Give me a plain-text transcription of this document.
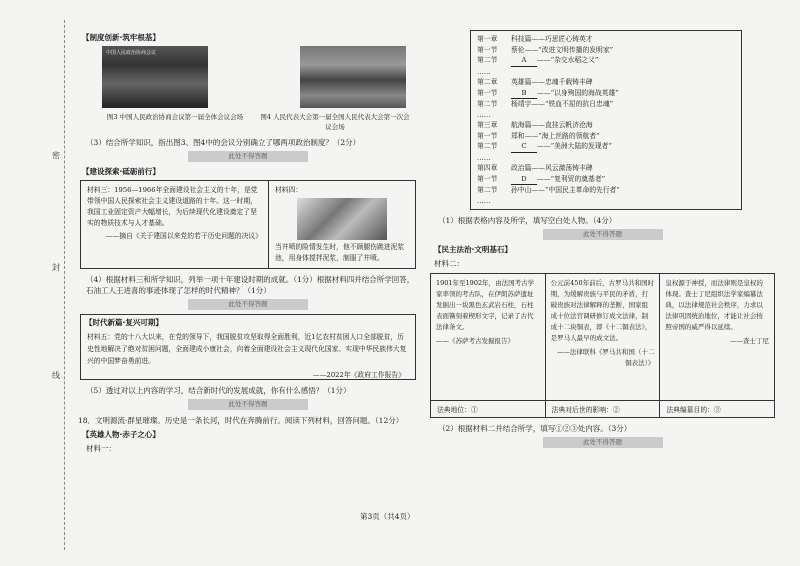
密
封
线
【制度创新·筑牢根基】
中国人民政治协商会议
图3 中国人民政治协商会议第一届全体会议会场	图4 人民代表大会第一届全国人民代表大会第一次会议会场
（3）结合所学知识，指出图3、图4中的会议分别确立了哪两项政治制度？（2分）
此处不得答题
【建设探索·砥砺前行】
材料三：1956—1966年全面建设社会主义的十年，是党带领中国人民探索社会主义建设道路的十年。这一时期，我国工业固定资产大幅增长，为后续现代化建设奠定了坚实的物质技术与人才基础。
——摘自《关于建国以来党的若干历史问题的决议》
材料四：
当井喷的险情发生时，他不顾腿伤跳进泥浆池，用身体搅拌泥浆，制服了井喷。
（4）根据材料三和所学知识，列举一项十年建设时期的成就。（1分）根据材料四并结合所学回答，石油工人王进喜的事迹体现了怎样的时代精神？（1分）
此处不得答题
【时代新篇·复兴可期】
材料五：党的十八大以来，在党的领导下，我国脱贫攻坚取得全面胜利，近1亿农村贫困人口全部脱贫，历史性地解决了绝对贫困问题，全面建成小康社会，向着全面建设社会主义现代化国家、实现中华民族伟大复兴的中国梦奋勇前进。
——2022年《政府工作报告》
（5）透过对以上内容的学习，结合新时代的发展成就，你有什么感悟？（1分）
此处不得答题
18．文明源流·群星璀璨。历史是一条长河，时代在奔腾前行。阅读下列材料，回答问题。（12分）
【英雄人物·赤子之心】
材料一：
第一章 科技篇——巧思匠心铸英才
第一节 蔡伦——“改进文明传播的发明家”
第二节	A ——“杂交水稻之父”
……
第二章 英雄篇——忠魂千载铸丰碑
第一节	B ——“以身殉国的海战英雄”
第二节 杨靖宇——“铁血不屈的抗日忠魂”
……
第三章 航海篇——直挂云帆济沧海
第一节 郑和——“海上丝路的领航者”
第二节	C ——“美洲大陆的发现者”
……
第四章 政治篇——风云激荡铸丰碑
第一节	D ——“复利贸的奠基者”
第二节 孙中山——“中国民主革命的先行者”
……
（1）根据表格内容及所学，填写空白处人物。（4分）
此处不得答题
【民主法治·文明基石】
材料二：
1901年至1902年，由法国考古学家率领的考古队，在伊朗苏萨遗址发掘出一块黑色玄武岩石柱，石柱表面镌刻着楔形文字，记录了古代法律条文。
——《苏萨考古发掘报告》
公元前450年前后，古罗马共和国时期，为缓解贵族与平民的矛盾，打破贵族对法律解释的垄断，国家组成十位法官调研修订成文法律，制成十二块铜表，即《十二铜表法》，是罗马人最早的成文法。
——法律联科《罗马共和国（十二铜表法）》
皇权源于神授，而法律则是皇权的体现。查士丁尼组织法学家编纂法典，以法律规范社会秩序，力求以法律巩固统治地位，才能让社会按照帝国的威严得以延续。
——查士丁尼
法典地位：①	法典对后世的影响：②	法典编纂目的：③
（2）根据材料二并结合所学，填写①②③处内容。（3分）
此处不得答题
第3页（共4页）
